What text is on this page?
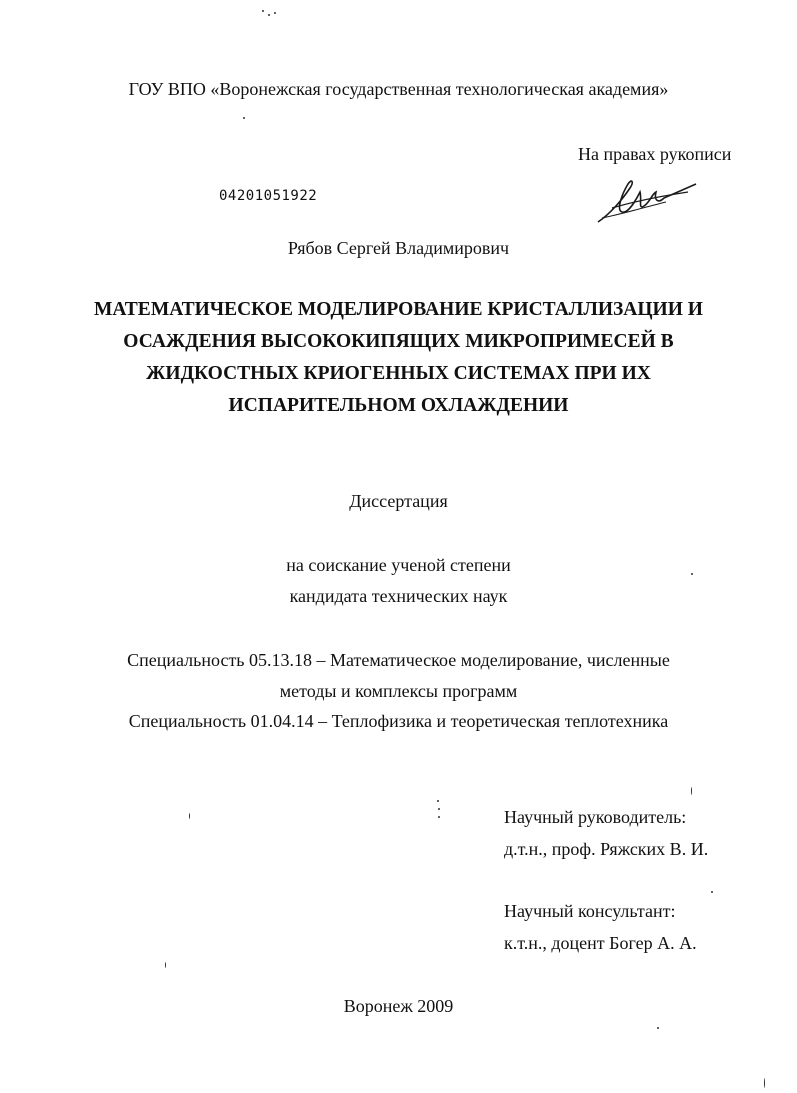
ГОУ ВПО «Воронежская государственная технологическая академия»
На правах рукописи
04201051922
Рябов Сергей Владимирович
МАТЕМАТИЧЕСКОЕ МОДЕЛИРОВАНИЕ КРИСТАЛЛИЗАЦИИ И
ОСАЖДЕНИЯ ВЫСОКОКИПЯЩИХ МИКРОПРИМЕСЕЙ В
ЖИДКОСТНЫХ КРИОГЕННЫХ СИСТЕМАХ ПРИ ИХ
ИСПАРИТЕЛЬНОМ ОХЛАЖДЕНИИ
Диссертация
на соискание ученой степени
кандидата технических наук
Специальность 05.13.18 – Математическое моделирование, численные
методы и комплексы программ
Специальность 01.04.14 – Теплофизика и теоретическая теплотехника
Научный руководитель:
д.т.н., проф. Ряжских В. И.
Научный консультант:
к.т.н., доцент Богер А. А.
Воронеж 2009
